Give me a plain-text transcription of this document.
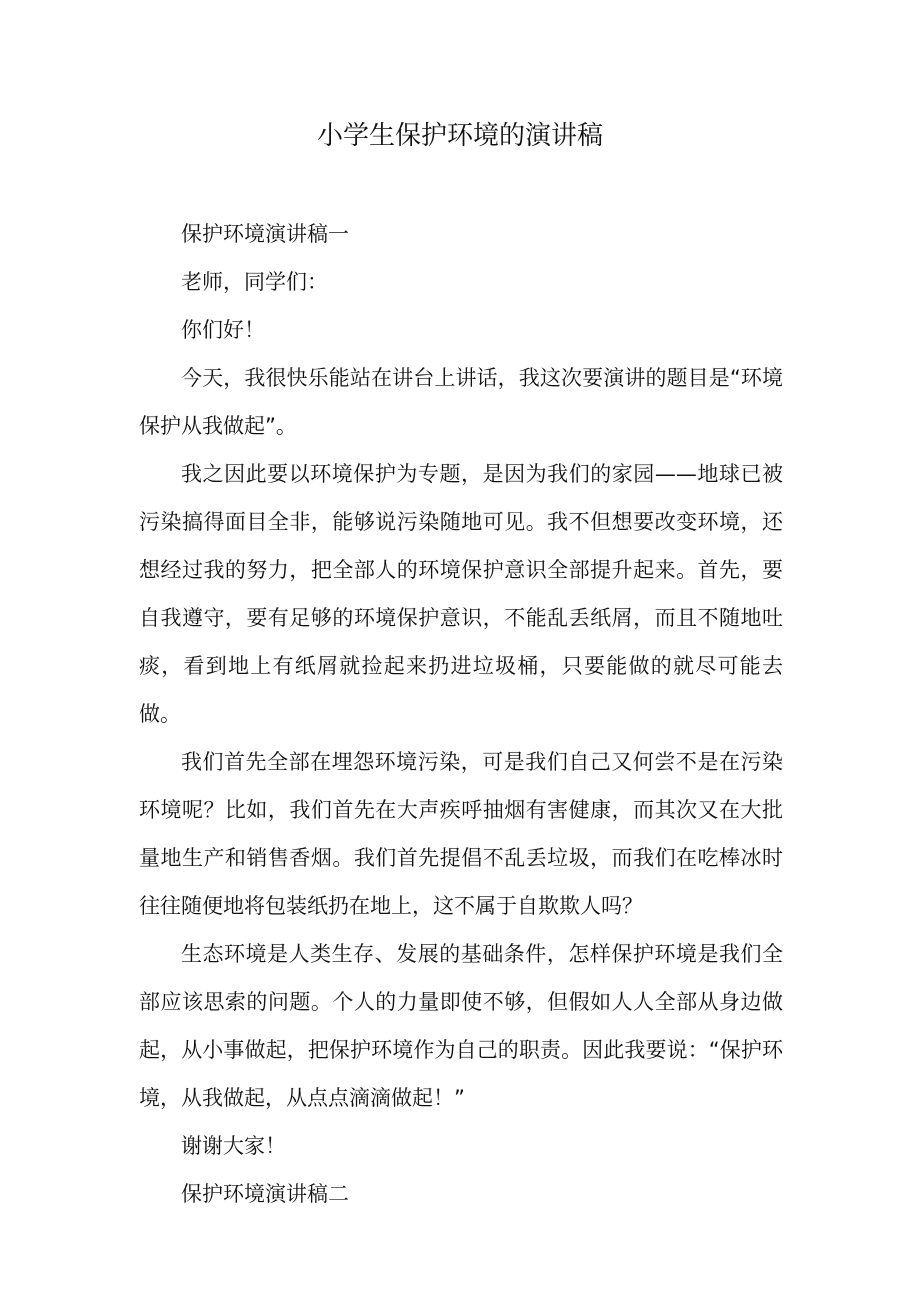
小学生保护环境的演讲稿

保护环境演讲稿一

老师，同学们：

你们好！

今天，我很快乐能站在讲台上讲话，我这次要演讲的题目是“环境保护从我做起”。

我之因此要以环境保护为专题，是因为我们的家园——地球已被污染搞得面目全非，能够说污染随地可见。我不但想要改变环境，还想经过我的努力，把全部人的环境保护意识全部提升起来。首先，要自我遵守，要有足够的环境保护意识，不能乱丢纸屑，而且不随地吐痰，看到地上有纸屑就捡起来扔进垃圾桶，只要能做的就尽可能去做。

我们首先全部在埋怨环境污染，可是我们自己又何尝不是在污染环境呢？比如，我们首先在大声疾呼抽烟有害健康，而其次又在大批量地生产和销售香烟。我们首先提倡不乱丢垃圾，而我们在吃棒冰时往往随便地将包装纸扔在地上，这不属于自欺欺人吗？

生态环境是人类生存、发展的基础条件，怎样保护环境是我们全部应该思索的问题。个人的力量即使不够，但假如人人全部从身边做起，从小事做起，把保护环境作为自己的职责。因此我要说：“保护环境，从我做起，从点点滴滴做起！”

谢谢大家！

保护环境演讲稿二
